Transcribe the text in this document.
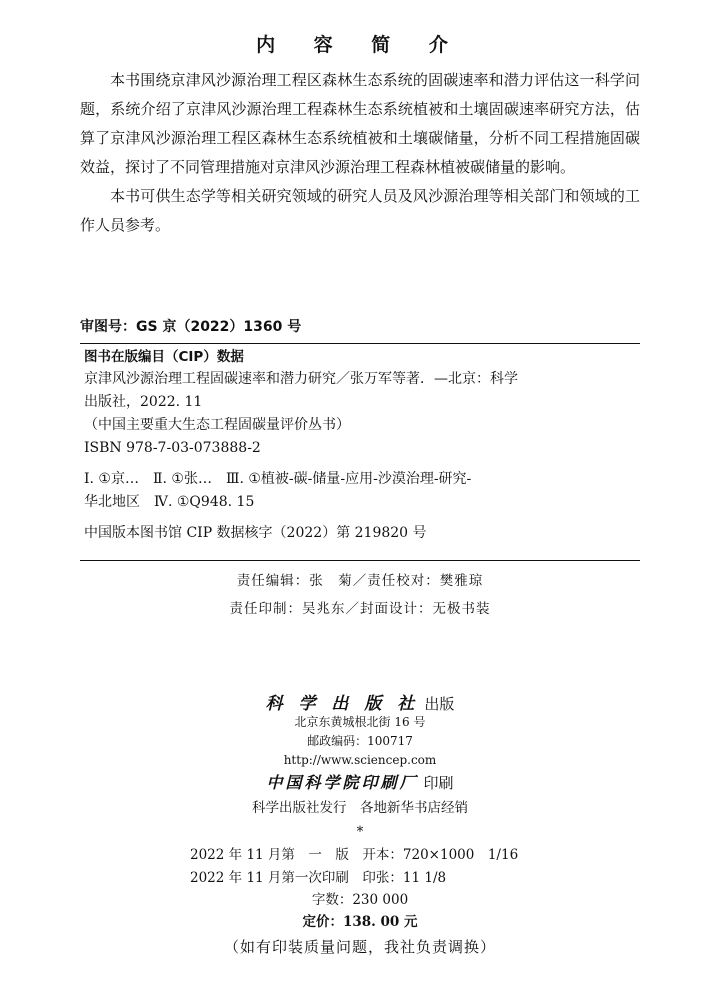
内 容 简 介

本书围绕京津风沙源治理工程区森林生态系统的固碳速率和潜力评估这一科学问题，系统介绍了京津风沙源治理工程森林生态系统植被和土壤固碳速率研究方法，估算了京津风沙源治理工程区森林生态系统植被和土壤碳储量，分析不同工程措施固碳效益，探讨了不同管理措施对京津风沙源治理工程森林植被碳储量的影响。

本书可供生态学等相关研究领域的研究人员及风沙源治理等相关部门和领域的工作人员参考。

审图号：GS 京（2022）1360 号
图书在版编目（CIP）数据
京津风沙源治理工程固碳速率和潜力研究／张万军等著．—北京：科学
出版社，2022. 11
（中国主要重大生态工程固碳量评价丛书）
ISBN 978-7-03-073888-2
Ⅰ. ①京…　Ⅱ. ①张…　Ⅲ. ①植被-碳-储量-应用-沙漠治理-研究-
华北地区　Ⅳ. ①Q948. 15
中国版本图书馆 CIP 数据核字（2022）第 219820 号
责任编辑：张　菊／责任校对：樊雅琼
责任印制：吴兆东／封面设计：无极书装
科 学 出 版 社 出版
北京东黄城根北街 16 号
邮政编码：100717
http://www.sciencep.com
中国科学院印刷厂 印刷
科学出版社发行　各地新华书店经销
*
2022 年 11 月第　一　版　开本：720×1000　1/16
2022 年 11 月第一次印刷　印张：11 1/8
字数：230 000
定价：138. 00 元
（如有印装质量问题，我社负责调换）
